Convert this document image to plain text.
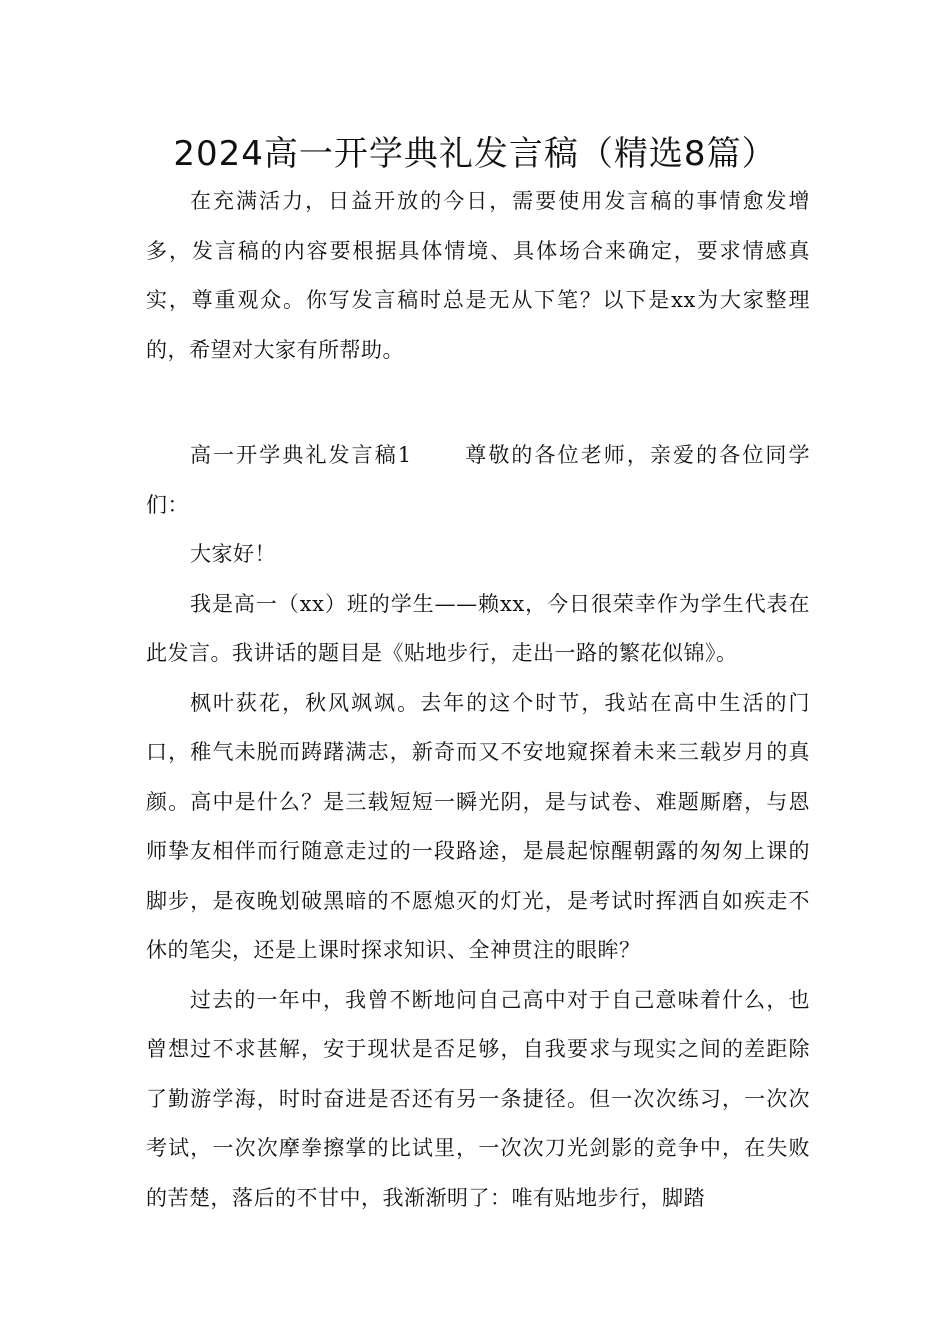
2024高一开学典礼发言稿（精选8篇）

在充满活力，日益开放的今日，需要使用发言稿的事情愈发增多，发言稿的内容要根据具体情境、具体场合来确定，要求情感真实，尊重观众。你写发言稿时总是无从下笔？以下是xx为大家整理的，希望对大家有所帮助。

高一开学典礼发言稿1 尊敬的各位老师，亲爱的各位同学们：

大家好！

我是高一（xx）班的学生——赖xx，今日很荣幸作为学生代表在此发言。我讲话的题目是《贴地步行，走出一路的繁花似锦》。

枫叶荻花，秋风飒飒。去年的这个时节，我站在高中生活的门口，稚气未脱而踌躇满志，新奇而又不安地窥探着未来三载岁月的真颜。高中是什么？是三载短短一瞬光阴，是与试卷、难题厮磨，与恩师挚友相伴而行随意走过的一段路途，是晨起惊醒朝露的匆匆上课的脚步，是夜晚划破黑暗的不愿熄灭的灯光，是考试时挥洒自如疾走不休的笔尖，还是上课时探求知识、全神贯注的眼眸？

过去的一年中，我曾不断地问自己高中对于自己意味着什么，也曾想过不求甚解，安于现状是否足够，自我要求与现实之间的差距除了勤游学海，时时奋进是否还有另一条捷径。但一次次练习，一次次考试，一次次摩拳擦掌的比试里，一次次刀光剑影的竞争中，在失败的苦楚，落后的不甘中，我渐渐明了：唯有贴地步行，脚踏
